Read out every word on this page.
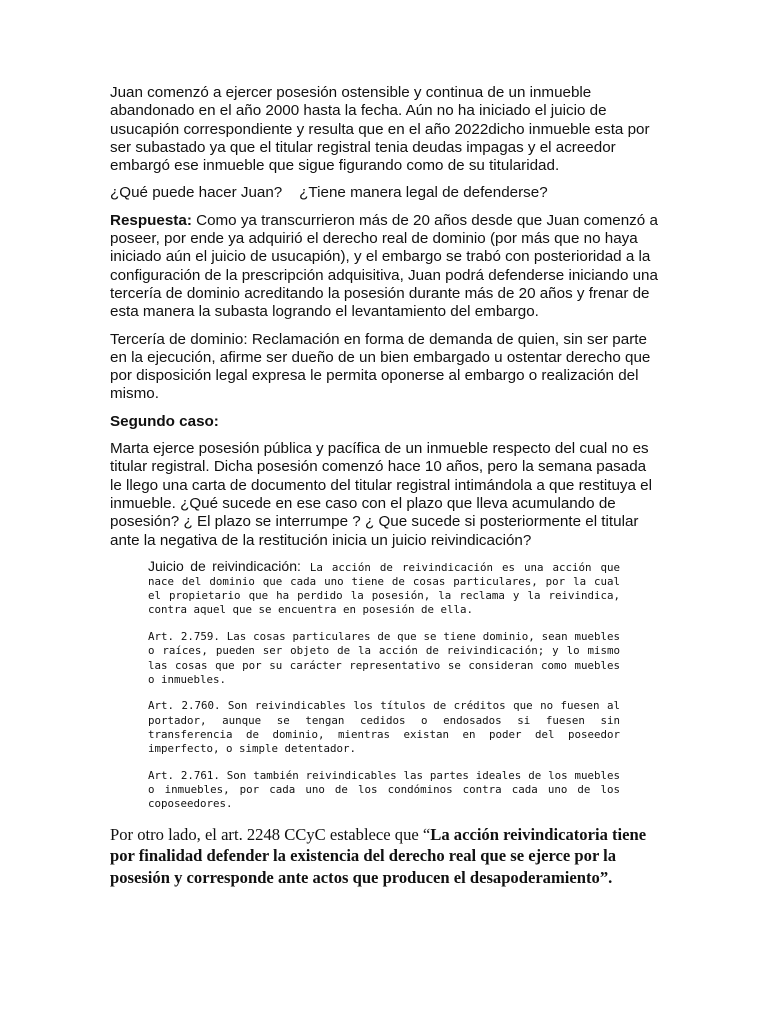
Juan comenzó a ejercer posesión ostensible y continua de un inmueble abandonado en el año 2000 hasta la fecha. Aún no ha iniciado el juicio de usucapión correspondiente y resulta que en el año 2022dicho inmueble esta por ser subastado ya que el titular registral tenia deudas impagas y el acreedor embargó ese inmueble que sigue figurando como de su titularidad.

¿Qué puede hacer Juan? ¿Tiene manera legal de defenderse?

Respuesta: Como ya transcurrieron más de 20 años desde que Juan comenzó a poseer, por ende ya adquirió el derecho real de dominio (por más que no haya iniciado aún el juicio de usucapión), y el embargo se trabó con posterioridad a la configuración de la prescripción adquisitiva, Juan podrá defenderse iniciando una tercería de dominio acreditando la posesión durante más de 20 años y frenar de esta manera la subasta logrando el levantamiento del embargo.

Tercería de dominio: Reclamación en forma de demanda de quien, sin ser parte en la ejecución, afirme ser dueño de un bien embargado u ostentar derecho que por disposición legal expresa le permita oponerse al embargo o realización del mismo.

Segundo caso:

Marta ejerce posesión pública y pacífica de un inmueble respecto del cual no es titular registral. Dicha posesión comenzó hace 10 años, pero la semana pasada le llego una carta de documento del titular registral intimándola a que restituya el inmueble. ¿Qué sucede en ese caso con el plazo que lleva acumulando de posesión? ¿ El plazo se interrumpe ? ¿ Que sucede si posteriormente el titular ante la negativa de la restitución inicia un juicio reivindicación?

Juicio de reivindicación: La acción de reivindicación es una acción que nace del dominio que cada uno tiene de cosas particulares, por la cual el propietario que ha perdido la posesión, la reclama y la reivindica, contra aquel que se encuentra en posesión de ella.

Art. 2.759. Las cosas particulares de que se tiene dominio, sean muebles o raíces, pueden ser objeto de la acción de reivindicación; y lo mismo las cosas que por su carácter representativo se consideran como muebles o inmuebles.

Art. 2.760. Son reivindicables los títulos de créditos que no fuesen al portador, aunque se tengan cedidos o endosados si fuesen sin transferencia de dominio, mientras existan en poder del poseedor imperfecto, o simple detentador.

Art. 2.761. Son también reivindicables las partes ideales de los muebles o inmuebles, por cada uno de los condóminos contra cada uno de los coposeedores.

Por otro lado, el art. 2248 CCyC establece que “La acción reivindicatoria tiene por finalidad defender la existencia del derecho real que se ejerce por la posesión y corresponde ante actos que producen el desapoderamiento”.
